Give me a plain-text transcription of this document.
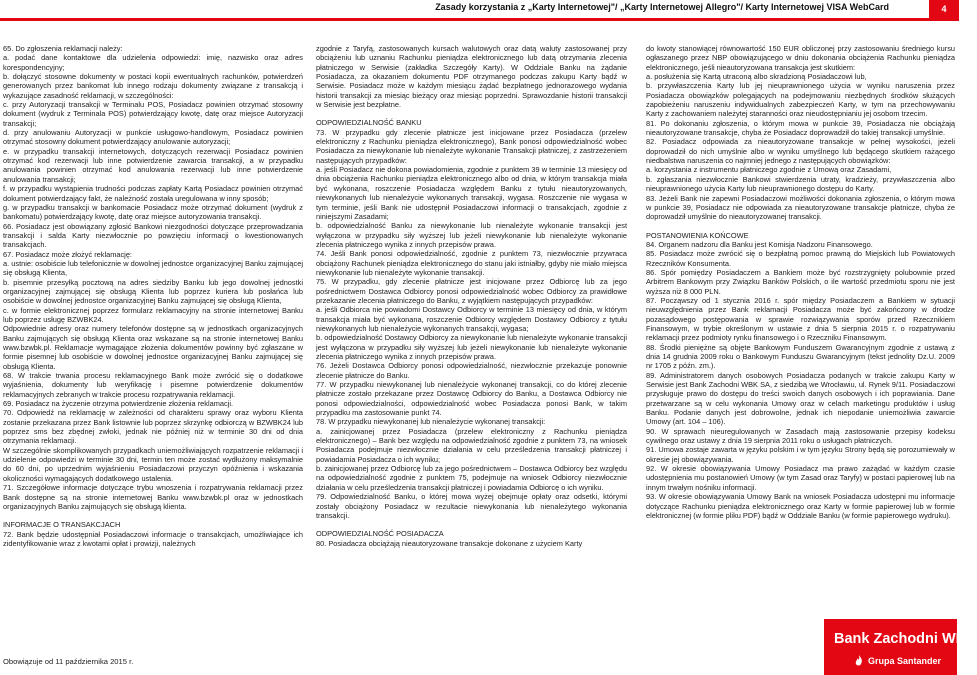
Zasady korzystania z „Karty Internetowej"/ „Karty Internetowej Allegro"/ Karty Internetowej VISA WebCard	4

65. Do zgłoszenia reklamacji należy:

a. podać dane kontaktowe dla udzielenia odpowiedzi: imię, nazwisko oraz adres korespondencyjny;

b. dołączyć stosowne dokumenty w postaci kopii ewentualnych rachunków, potwierdzeń generowanych przez bankomat lub innego rodzaju dokumenty związane z transakcją i wykazujące zasadność reklamacji, w szczególności:

c. przy Autoryzacji transakcji w Terminalu POS, Posiadacz powinien otrzymać stosowny dokument (wydruk z Terminala POS) potwierdzający kwotę, datę oraz miejsce Autoryzacji transakcji;

d. przy anulowaniu Autoryzacji w punkcie usługowo-handlowym, Posiadacz powinien otrzymać stosowny dokument potwierdzający anulowanie autoryzacji;

e. w przypadku transakcji internetowych, dotyczących rezerwacji Posiadacz powinien otrzymać kod rezerwacji lub inne potwierdzenie zawarcia transakcji, a w przypadku anulowania powinien otrzymać kod anulowania rezerwacji lub inne potwierdzenie anulowania transakcji;

f. w przypadku wystąpienia trudności podczas zapłaty Kartą Posiadacz powinien otrzymać dokument potwierdzający fakt, że należność została uregulowana w inny sposób;

g. w przypadku transakcji w bankomacie Posiadacz może otrzymać dokument (wydruk z bankomatu) potwierdzający kwotę, datę oraz miejsce autoryzowania transakcji.

66. Posiadacz jest obowiązany zgłosić Bankowi niezgodności dotyczące przeprowadzania transakcji i salda Karty niezwłocznie po powzięciu informacji o kwestionowanych transakcjach.

67. Posiadacz może złożyć reklamację:

a. ustnie: osobiście lub telefonicznie w dowolnej jednostce organizacyjnej Banku zajmującej się obsługą Klienta,

b. pisemnie przesyłką pocztową na adres siedziby Banku lub jego dowolnej jednostki organizacyjnej zajmującej się obsługą Klienta lub poprzez kuriera lub posłańca lub osobiście w dowolnej jednostce organizacyjnej Banku zajmującej się obsługą Klienta,

c. w formie elektronicznej poprzez formularz reklamacyjny na stronie internetowej Banku lub poprzez usługę BZWBK24.

Odpowiednie adresy oraz numery telefonów dostępne są w jednostkach organizacyjnych Banku zajmujących się obsługą Klienta oraz wskazane są na stronie internetowej Banku www.bzwbk.pl. Reklamacje wymagające złożenia dokumentów powinny być zgłaszane w formie pisemnej lub osobiście w dowolnej jednostce organizacyjnej Banku zajmującej się obsługą Klienta.

68. W trakcie trwania procesu reklamacyjnego Bank może zwrócić się o dodatkowe wyjaśnienia, dokumenty lub weryfikację i pisemne potwierdzenie dokumentów reklamacyjnych zebranych w trakcie procesu rozpatrywania reklamacji.

69. Posiadacz na życzenie otrzyma potwierdzenie złożenia reklamacji.

70. Odpowiedź na reklamację w zależności od charakteru sprawy oraz wyboru Klienta zostanie przekazana przez Bank listownie lub poprzez skrzynkę odbiorczą w BZWBK24 lub poprzez sms bez zbędnej zwłoki, jednak nie później niż w terminie 30 dni od dnia otrzymania reklamacji.

W szczególnie skomplikowanych przypadkach uniemożliwiających rozpatrzenie reklamacji i udzielenie odpowiedzi w terminie 30 dni, termin ten może zostać wydłużony maksymalnie do 60 dni, po uprzednim wyjaśnieniu Posiadaczowi przyczyn opóźnienia i wskazania okoliczności wymagających dodatkowego ustalenia.

71. Szczegółowe informacje dotyczące trybu wnoszenia i rozpatrywania reklamacji przez Bank dostępne są na stronie internetowej Banku www.bzwbk.pl oraz w jednostkach organizacyjnych Banku zajmujących się obsługą klienta.

INFORMACJE O TRANSAKCJACH

72. Bank będzie udostępniał Posiadaczowi informacje o transakcjach, umożliwiające ich zidentyfikowanie wraz z kwotami opłat i prowizji, należnych

zgodnie z Taryfą, zastosowanych kursach walutowych oraz datą waluty zastosowanej przy obciążeniu lub uznaniu Rachunku pieniądza elektronicznego lub datą otrzymania zlecenia płatniczego w Serwisie (zakładka Szczegóły Karty). W Oddziale Banku na żądanie Posiadacza, za okazaniem dokumentu PDF otrzymanego podczas zakupu Karty bądź w Serwisie. Posiadacz może w każdym miesiącu żądać bezpłatnego jednorazowego wydania historii transakcji za miesiąc bieżący oraz miesiąc poprzedni. Sprawozdanie historii transakcji w Serwisie jest bezpłatne.

ODPOWIEDZIALNOŚĆ BANKU

73. W przypadku gdy zlecenie płatnicze jest inicjowane przez Posiadacza (przelew elektroniczny z Rachunku pieniądza elektronicznego), Bank ponosi odpowiedzialność wobec Posiadacza za niewykonanie lub nienależyte wykonanie Transakcji płatniczej, z zastrzeżeniem następujących przypadków:

a. jeśli Posiadacz nie dokona powiadomienia, zgodnie z punktem 39 w terminie 13 miesięcy od dnia obciążenia Rachunku pieniądza elektronicznego albo od dnia, w którym transakcja miała być wykonana, roszczenie Posiadacza względem Banku z tytułu nieautoryzowanych, niewykonanych lub nienależycie wykonanych transakcji, wygasa. Roszczenie nie wygasa w tym terminie, jeśli Bank nie udostępnił Posiadaczowi informacji o transakcjach, zgodnie z niniejszymi Zasadami;

b. odpowiedzialność Banku za niewykonanie lub nienależyte wykonanie transakcji jest wyłączona w przypadku siły wyższej lub jeżeli niewykonanie lub nienależyte wykonanie zlecenia płatniczego wynika z innych przepisów prawa.

74. Jeśli Bank ponosi odpowiedzialność, zgodnie z punktem 73, niezwłocznie przywraca obciążony Rachunek pieniądza elektronicznego do stanu jaki istniałby, gdyby nie miało miejsca niewykonanie lub nienależyte wykonanie transakcji.

75. W przypadku, gdy zlecenie płatnicze jest inicjowane przez Odbiorcę lub za jego pośrednictwem Dostawca Odbiorcy ponosi odpowiedzialność wobec Odbiorcy za prawidłowe przekazanie zlecenia płatniczego do Banku, z wyjątkiem następujących przypadków:

a. jeśli Odbiorca nie powiadomi Dostawcy Odbiorcy w terminie 13 miesięcy od dnia, w którym transakcja miała być wykonana, roszczenie Odbiorcy względem Dostawcy Odbiorcy z tytułu niewykonanych lub nienależycie wykonanych transakcji, wygasa;

b. odpowiedzialność Dostawcy Odbiorcy za niewykonanie lub nienależyte wykonanie transakcji jest wyłączona w przypadku siły wyższej lub jeżeli niewykonanie lub nienależyte wykonanie zlecenia płatniczego wynika z innych przepisów prawa.

76. Jeżeli Dostawca Odbiorcy ponosi odpowiedzialność, niezwłocznie przekazuje ponownie zlecenie płatnicze do Banku.

77. W przypadku niewykonanej lub nienależycie wykonanej transakcji, co do której zlecenie płatnicze zostało przekazane przez Dostawcę Odbiorcy do Banku, a Dostawca Odbiorcy nie ponosi odpowiedzialności, odpowiedzialność wobec Posiadacza ponosi Bank, w takim przypadku ma zastosowanie punkt 74.

78. W przypadku niewykonanej lub nienależycie wykonanej transakcji:

a. zainicjowanej przez Posiadacza (przelew elektroniczny z Rachunku pieniądza elektronicznego) – Bank bez względu na odpowiedzialność zgodnie z punktem 73, na wniosek Posiadacza podejmuje niezwłocznie działania w celu prześledzenia transakcji płatniczej i powiadamia Posiadacza o ich wyniku;

b. zainicjowanej przez Odbiorcę lub za jego pośrednictwem – Dostawca Odbiorcy bez względu na odpowiedzialność zgodnie z punktem 75, podejmuje na wniosek Odbiorcy niezwłocznie działania w celu prześledzenia transakcji płatniczej i powiadamia Odbiorcę o ich wyniku.

79. Odpowiedzialność Banku, o której mowa wyżej obejmuje opłaty oraz odsetki, którymi zostały obciążony Posiadacz w rezultacie niewykonania lub nienależytego wykonania transakcji.

ODPOWIEDZIALNOŚĆ POSIADACZA

80. Posiadacza obciążają nieautoryzowane transakcje dokonane z użyciem Karty

do kwoty stanowiącej równowartość 150 EUR obliczonej przy zastosowaniu średniego kursu ogłaszanego przez NBP obowiązującego w dniu dokonania obciążenia Rachunku pieniądza elektronicznego, jeśli nieautoryzowana transakcja jest skutkiem:

a. posłużenia się Kartą utraconą albo skradzioną Posiadaczowi lub,

b. przywłaszczenia Karty lub jej nieuprawnionego użycia w wyniku naruszenia przez Posiadacza obowiązków polegających na podejmowaniu niezbędnych środków służących zapobieżeniu naruszeniu indywidualnych zabezpieczeń Karty, w tym na przechowywaniu Karty z zachowaniem należytej staranności oraz nieudostępnianiu jej osobom trzecim.

81. Po dokonaniu zgłoszenia, o którym mowa w punkcie 39, Posiadacza nie obciążają nieautoryzowane transakcje, chyba że Posiadacz doprowadził do takiej transakcji umyślnie.

82. Posiadacz odpowiada za nieautoryzowane transakcje w pełnej wysokości, jeżeli doprowadził do nich umyślnie albo w wyniku umyślnego lub będącego skutkiem rażącego niedbalstwa naruszenia co najmniej jednego z następujących obowiązków:

a. korzystania z instrumentu płatniczego zgodnie z Umową oraz Zasadami,

b. zgłaszania niezwłocznie Bankowi stwierdzenia utraty, kradzieży, przywłaszczenia albo nieuprawnionego użycia Karty lub nieuprawnionego dostępu do Karty.

83. Jeżeli Bank nie zapewni Posiadaczowi możliwości dokonania zgłoszenia, o którym mowa w punkcie 39, Posiadacz nie odpowiada za nieautoryzowane transakcje płatnicze, chyba że doprowadził umyślnie do nieautoryzowanej transakcji.

POSTANOWIENIA KOŃCOWE

84. Organem nadzoru dla Banku jest Komisja Nadzoru Finansowego.

85. Posiadacz może zwrócić się o bezpłatną pomoc prawną do Miejskich lub Powiatowych Rzeczników Konsumenta.

86. Spór pomiędzy Posiadaczem a Bankiem może być rozstrzygnięty polubownie przed Arbitrem Bankowym przy Związku Banków Polskich, o ile wartość przedmiotu sporu nie jest wyższa niż 8 000 PLN.

87. Począwszy od 1 stycznia 2016 r. spór między Posiadaczem a Bankiem w sytuacji nieuwzględnienia przez Bank reklamacji Posiadacza może być zakończony w drodze pozasądowego postępowania w sprawie rozwiązywania sporów przed Rzecznikiem Finansowym, w trybie określonym w ustawie z dnia 5 sierpnia 2015 r. o rozpatrywaniu reklamacji przez podmioty rynku finansowego i o Rzeczniku Finansowym.

88. Środki pieniężne są objęte Bankowym Funduszem Gwarancyjnym zgodnie z ustawą z dnia 14 grudnia 2009 roku o Bankowym Funduszu Gwarancyjnym (tekst jednolity Dz.U. 2009 nr 1705 z późn. zm.).

89. Administratorem danych osobowych Posiadacza podanych w trakcie zakupu Karty w Serwisie jest Bank Zachodni WBK SA, z siedzibą we Wrocławiu, ul. Rynek 9/11. Posiadaczowi przysługuje prawo do dostępu do treści swoich danych osobowych i ich poprawiania. Dane przetwarzane są w celu wykonania Umowy oraz w celach marketingu produktów i usług Banku. Podanie danych jest dobrowolne, jednak ich niepodanie uniemożliwia zawarcie Umowy (art. 104 – 106).

90. W sprawach nieuregulowanych w Zasadach mają zastosowanie przepisy kodeksu cywilnego oraz ustawy z dnia 19 sierpnia 2011 roku o usługach płatniczych.

91. Umowa zostaje zawarta w języku polskim i w tym języku Strony będą się porozumiewały w okresie jej obowiązywania.

92. W okresie obowiązywania Umowy Posiadacz ma prawo zażądać w każdym czasie udostępnienia mu postanowień Umowy (w tym Zasad oraz Taryfy) w postaci papierowej lub na innym trwałym nośniku informacji.

93. W okresie obowiązywania Umowy Bank na wniosek Posiadacza udostępni mu informacje dotyczące Rachunku pieniądza elektronicznego oraz Karty w formie papierowej lub w formie elektronicznej (w formie pliku PDF) bądź w Oddziale Banku (w formie papierowego wydruku).

Obowiązuje od 11 października 2015 r.
Bank Zachodni WBK
Grupa Santander
